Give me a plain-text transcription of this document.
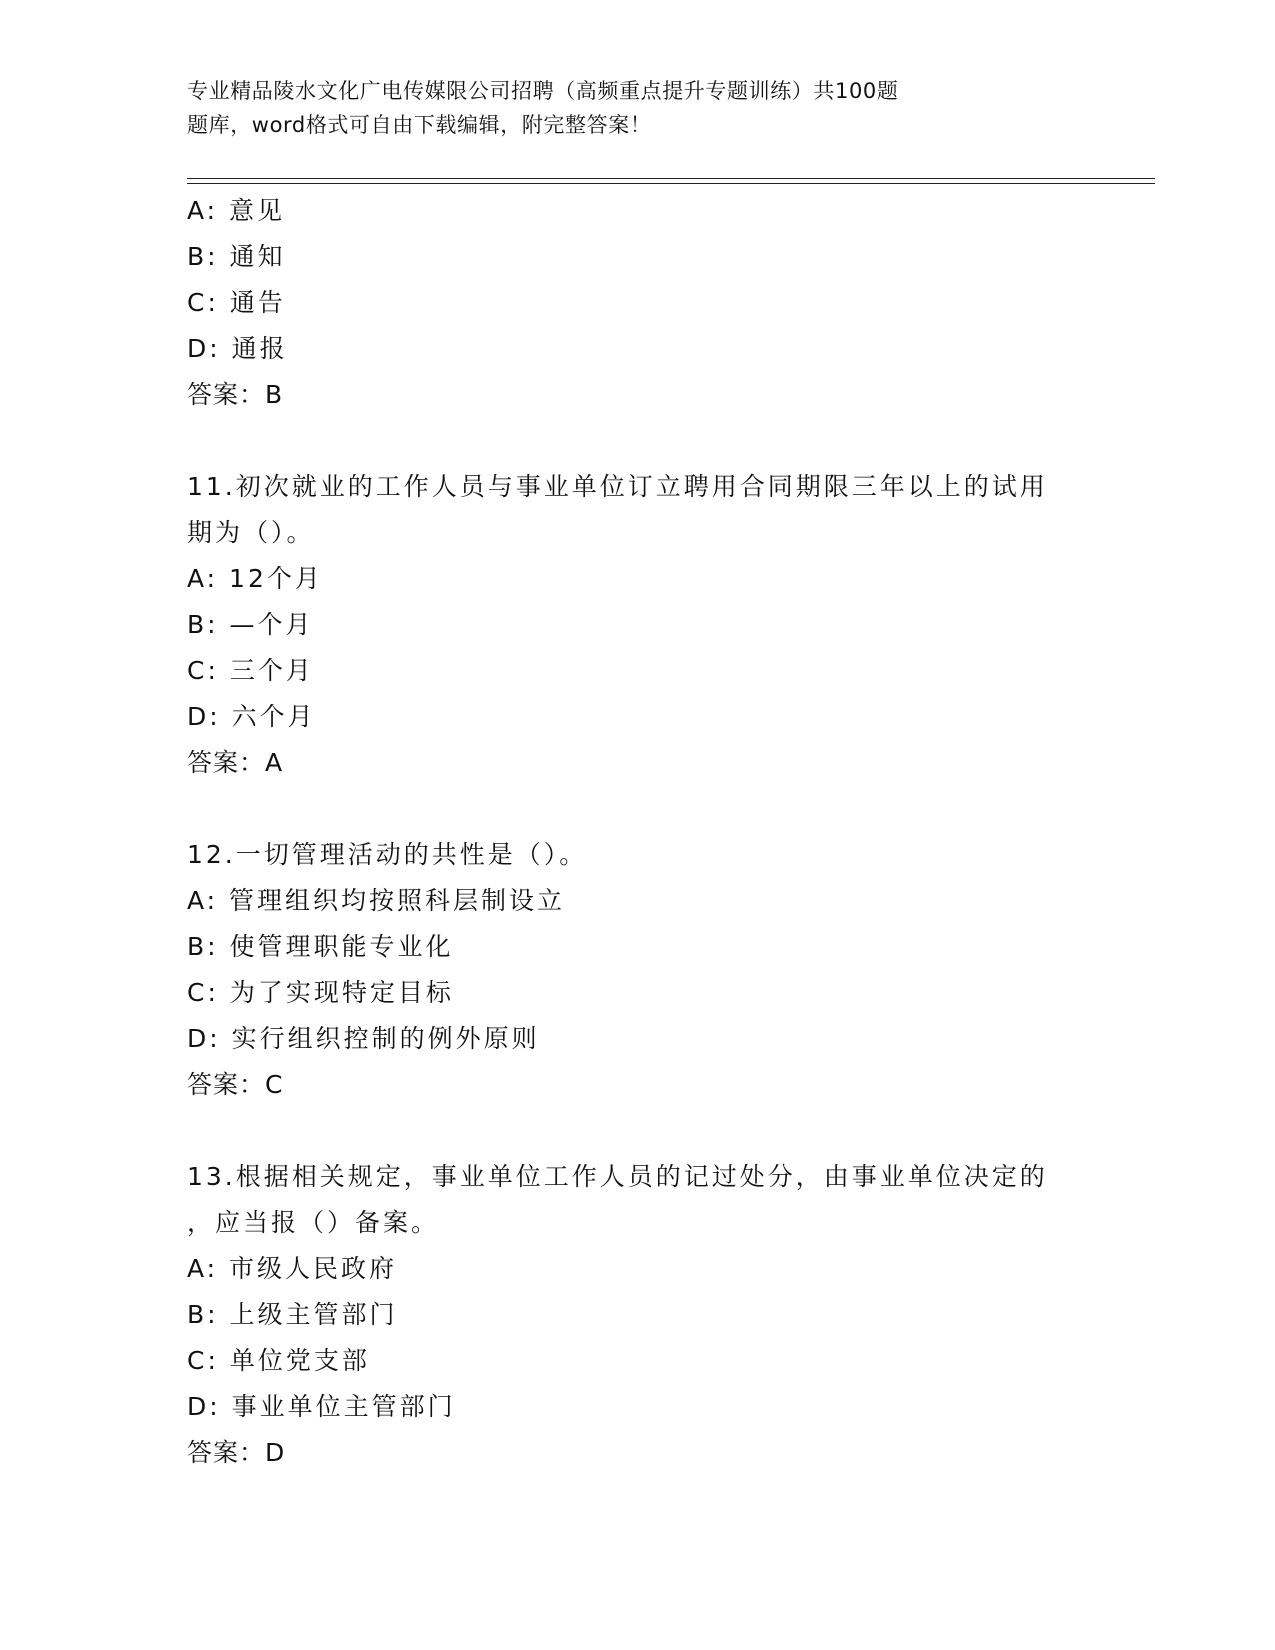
专业精品陵水文化广电传媒限公司招聘（高频重点提升专题训练）共100题
题库，word格式可自由下载编辑，附完整答案！
A: 意见
B: 通知
C: 通告
D: 通报
答案：B
11.初次就业的工作人员与事业单位订立聘用合同期限三年以上的试用
期为（）。
A: 12个月
B: —个月
C: 三个月
D: 六个月
答案：A
12.一切管理活动的共性是（）。
A: 管理组织均按照科层制设立
B: 使管理职能专业化
C: 为了实现特定目标
D: 实行组织控制的例外原则
答案：C
13.根据相关规定，事业单位工作人员的记过处分，由事业单位决定的
，应当报（）备案。
A: 市级人民政府
B: 上级主管部门
C: 单位党支部
D: 事业单位主管部门
答案：D
